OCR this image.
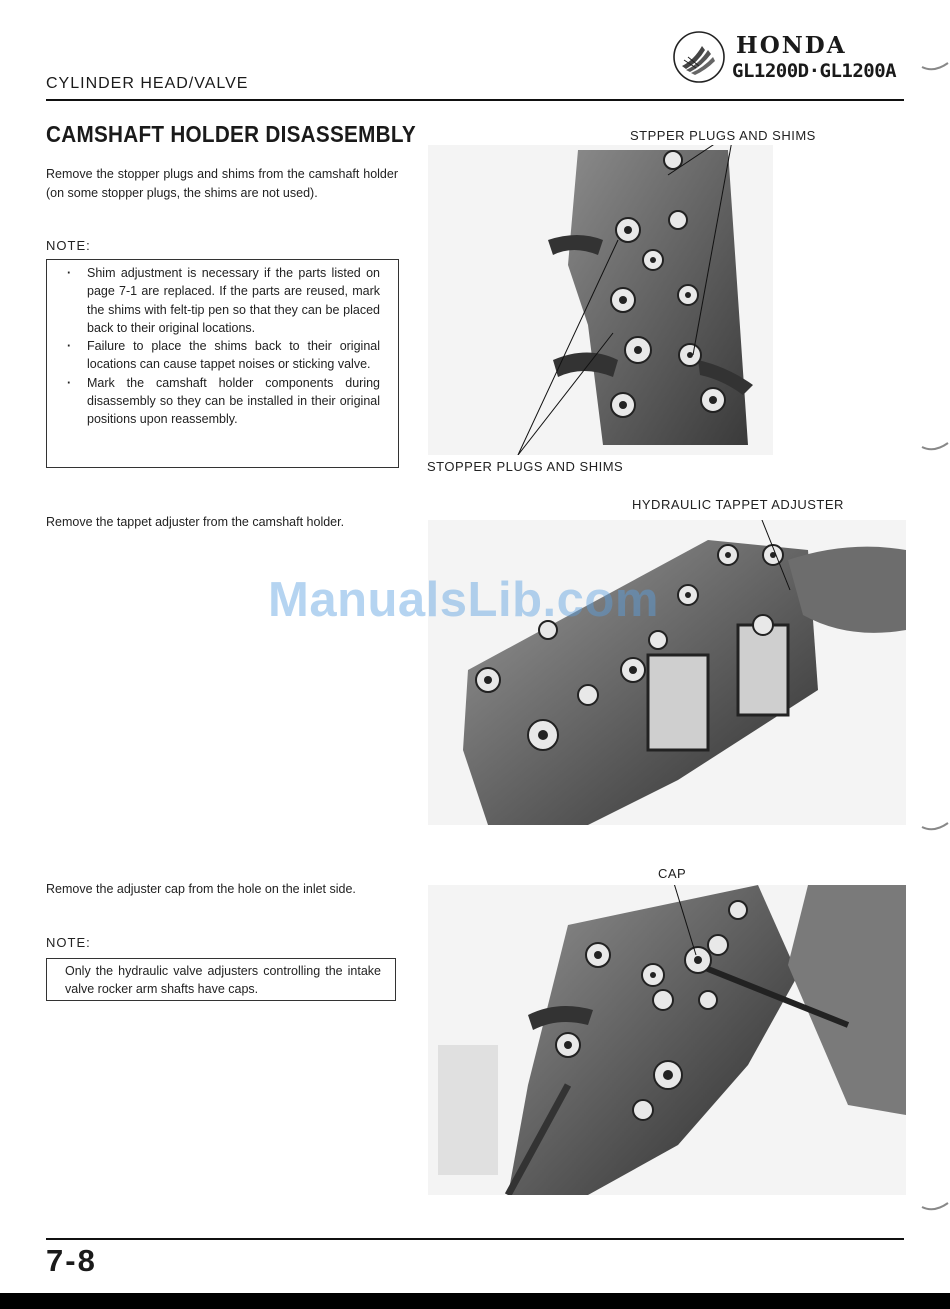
CYLINDER HEAD/VALVE
HONDA
GL1200D·GL1200A
CAMSHAFT HOLDER DISASSEMBLY
Remove the stopper plugs and shims from the camshaft holder (on some stopper plugs, the shims are not used).
NOTE:
· Shim adjustment is necessary if the parts listed on page 7-1 are replaced. If the parts are reused, mark the shims with felt-tip pen so that they can be placed back to their original locations.
· Failure to place the shims back to their original locations can cause tappet noises or sticking valve.
· Mark the camshaft holder components during disassembly so they can be installed in their original positions upon reassembly.
STPPER PLUGS AND SHIMS
STOPPER PLUGS AND SHIMS
Remove the tappet adjuster from the camshaft holder.
HYDRAULIC TAPPET ADJUSTER
Remove the adjuster cap from the hole on the inlet side.
NOTE:
Only the hydraulic valve adjusters controlling the intake valve rocker arm shafts have caps.
CAP
ManualsLib.com
7-8
